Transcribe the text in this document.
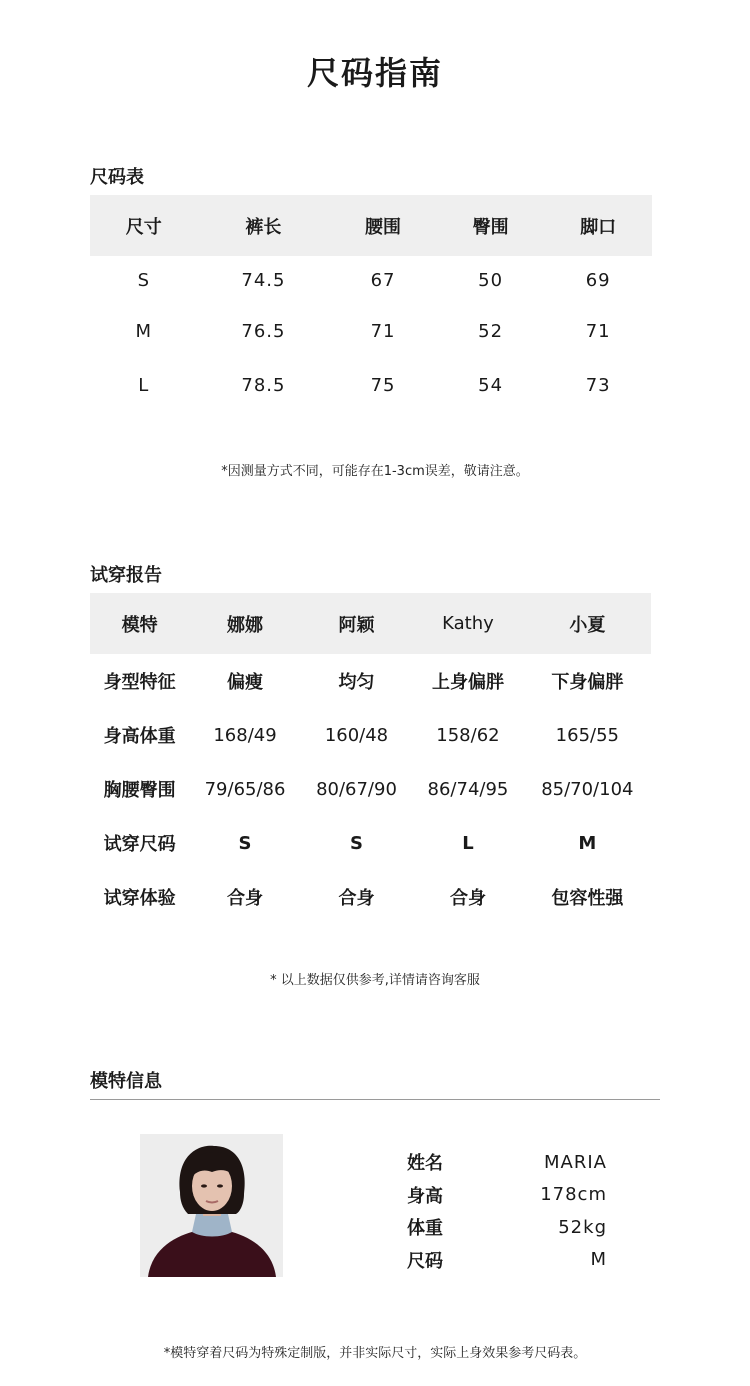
尺码指南
尺码表
尺寸	裤长	腰围	臀围	脚口
S	74.5	67	50	69
M	76.5	71	52	71
L	78.5	75	54	73
*因测量方式不同，可能存在1-3cm误差，敬请注意。
试穿报告
模特	娜娜	阿颖	Kathy	小夏
身型特征	偏瘦	均匀	上身偏胖	下身偏胖
身高体重	168/49	160/48	158/62	165/55
胸腰臀围	79/65/86	80/67/90	86/74/95	85/70/104
试穿尺码	S	S	L	M
试穿体验	合身	合身	合身	包容性强
* 以上数据仅供参考,详情请咨询客服
模特信息
姓名	MARIA
身高	178cm
体重	52kg
尺码	M
*模特穿着尺码为特殊定制版，并非实际尺寸，实际上身效果参考尺码表。
